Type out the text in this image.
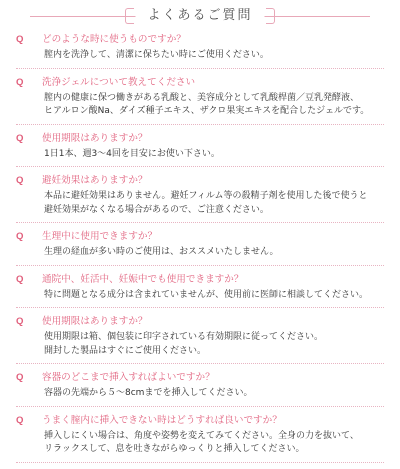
よくあるご質問
Q どのような時に使うものですか？
膣内を洗浄して、清潔に保ちたい時にご使用ください。
Q 洗浄ジェルについて教えてください
膣内の健康に保つ働きがある乳酸と、美容成分として乳酸桿菌／豆乳発酵液、
ヒアルロン酸Na、ダイズ種子エキス、ザクロ果実エキスを配合したジェルです。
Q 使用期限はありますか？
1日1本、週3～4回を目安にお使い下さい。
Q 避妊効果はありますか？
本品に避妊効果はありません。避妊フィルム等の殺精子剤を使用した後で使うと
避妊効果がなくなる場合があるので、ご注意ください。
Q 生理中に使用できますか？
生理の経血が多い時のご使用は、おススメいたしません。
Q 通院中、妊活中、妊娠中でも使用できますか？
特に問題となる成分は含まれていませんが、使用前に医師に相談してください。
Q 使用期限はありますか？
使用期限は箱、個包装に印字されている有効期限に従ってください。
開封した製品はすぐにご使用ください。
Q 容器のどこまで挿入すればよいですか？
容器の先端から５～8cmまでを挿入してください。
Q うまく膣内に挿入できない時はどうすれば良いですか？
挿入しにくい場合は、角度や姿勢を変えてみてください。全身の力を抜いて、
リラックスして、息を吐きながらゆっくりと挿入してください。
